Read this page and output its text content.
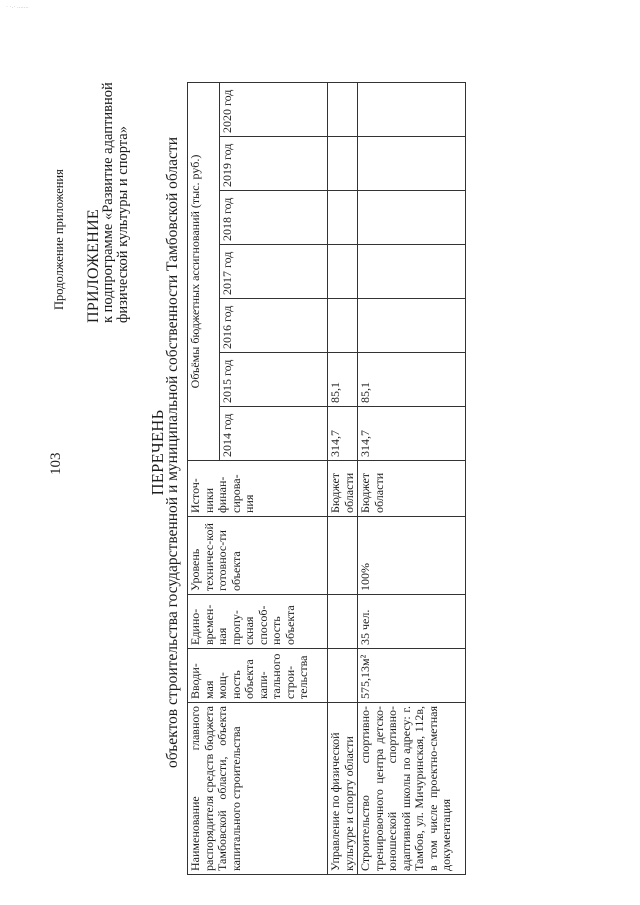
· ·.· .......
103
Продолжение приложения ПРИЛОЖЕНИЕ
к подпрограмме «Развитие адаптивной физической культуры и спорта»
ПЕРЕЧЕНЬ
объектов строительства государственной и муниципальной собственности Тамбовской области
Наименование главного распорядителя средств бюджета Тамбовской области, объекта капитального строительства	Вводи-мая мощ-ность объекта капи-тального строи-тельства	Едино-времен-ная пропу-скная способ-ность объекта	Уровень техничес-кой готовнос-ти объекта	Источ-ники финан-сирова-ния	Объёмы бюджетных ассигнований (тыс. руб.)						
					2014 год	2015 год	2016 год	2017 год	2018 год	2019 год	2020 год
Управление по физической культуре и спорту области				Бюджет области	314,7	85,1					
Строительство спортивно-тренировочного центра детско-юношеской спортивно-адаптивной школы по адресу: г. Тамбов, ул. Мичуринская, 112в, в том числе проектно-сметная документация	575,13м²	35 чел.	100%	Бюджет области	314,7	85,1					
